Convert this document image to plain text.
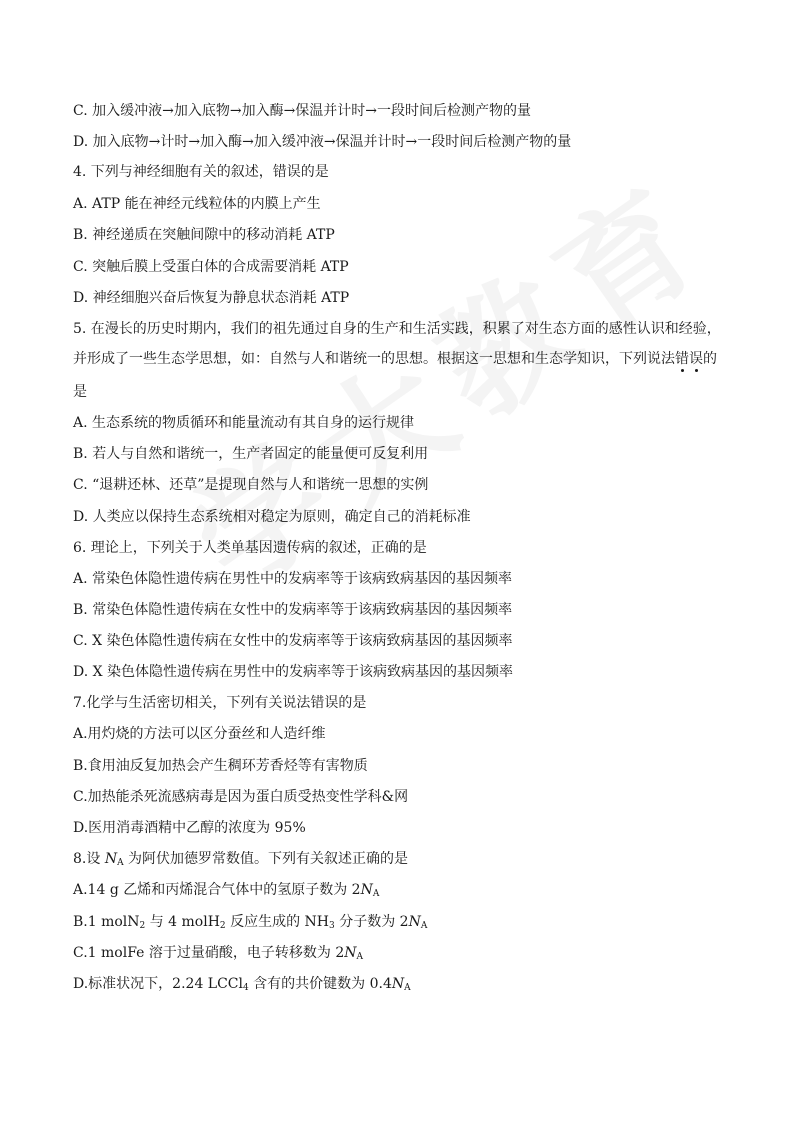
C. 加入缓冲液→加入底物→加入酶→保温并计时→一段时间后检测产物的量
D. 加入底物→计时→加入酶→加入缓冲液→保温并计时→一段时间后检测产物的量
4. 下列与神经细胞有关的叙述，错误的是
A. ATP 能在神经元线粒体的内膜上产生
B. 神经递质在突触间隙中的移动消耗 ATP
C. 突触后膜上受蛋白体的合成需要消耗 ATP
D. 神经细胞兴奋后恢复为静息状态消耗 ATP
5. 在漫长的历史时期内，我们的祖先通过自身的生产和生活实践，积累了对生态方面的感性认识和经验，
并形成了一些生态学思想，如：自然与人和谐统一的思想。根据这一思想和生态学知识，下列说法错误的
是
A. 生态系统的物质循环和能量流动有其自身的运行规律
B. 若人与自然和谐统一，生产者固定的能量便可反复利用
C. “退耕还林、还草”是提现自然与人和谐统一思想的实例
D. 人类应以保持生态系统相对稳定为原则，确定自己的消耗标准
6. 理论上，下列关于人类单基因遗传病的叙述，正确的是
A. 常染色体隐性遗传病在男性中的发病率等于该病致病基因的基因频率
B. 常染色体隐性遗传病在女性中的发病率等于该病致病基因的基因频率
C. X 染色体隐性遗传病在女性中的发病率等于该病致病基因的基因频率
D. X 染色体隐性遗传病在男性中的发病率等于该病致病基因的基因频率
7.化学与生活密切相关，下列有关说法错误的是
A.用灼烧的方法可以区分蚕丝和人造纤维
B.食用油反复加热会产生稠环芳香烃等有害物质
C.加热能杀死流感病毒是因为蛋白质受热变性学科&网
D.医用消毒酒精中乙醇的浓度为 95%
8.设 $N_A$ 为阿伏加德罗常数值。下列有关叙述正确的是
A.14 g 乙烯和丙烯混合气体中的氢原子数为 $2N_A$
B.1 molN$_2$ 与 4 molH$_2$ 反应生成的 $NH_3$ 分子数为 $2N_A$
C.1 molFe 溶于过量硝酸，电子转移数为 $2N_A$
D.标准状况下，2.24 LCCl$_4$ 含有的共价键数为 $0.4N_A$
